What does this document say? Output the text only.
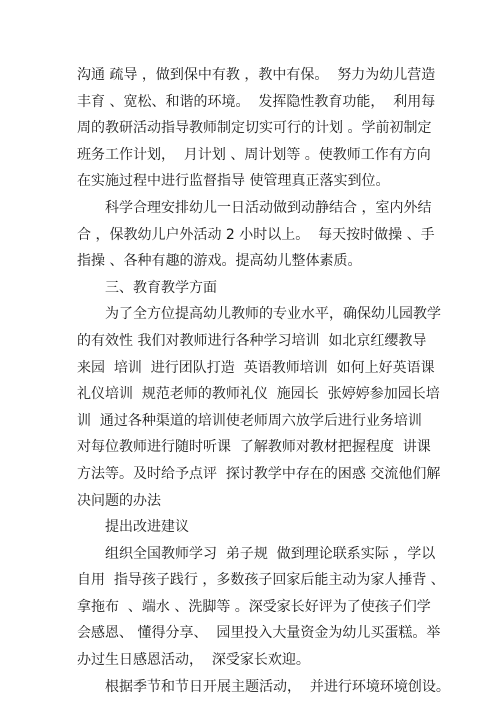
沟通 疏导 ，做到保中有教 ，教中有保。  努力为幼儿营造
丰育 、宽松、和谐的环境。  发挥隐性教育功能，  利用每
周的教研活动指导教师制定切实可行的计划 。学前初制定
班务工作计划，  月计划 、周计划等 。使教师工作有方向
在实施过程中进行监督指导 使管理真正落实到位。
科学合理安排幼儿一日活动做到动静结合 ，室内外结
合 ，保教幼儿户外活动 2 小时以上。  每天按时做操 、手
指操 、各种有趣的游戏。提高幼儿整体素质。
三、教育教学方面
为了全方位提高幼儿教师的专业水平，确保幼儿园教学
的有效性 我们对教师进行各种学习培训  如北京红缨教导
来园  培训  进行团队打造  英语教师培训  如何上好英语课
礼仪培训  规范老师的教师礼仪  施园长  张婷婷参加园长培
训  通过各种渠道的培训使老师周六放学后进行业务培训
对每位教师进行随时听课  了解教师对教材把握程度  讲课
方法等。及时给予点评  探讨教学中存在的困惑 交流他们解
决问题的办法
提出改进建议
组织全国教师学习  弟子规  做到理论联系实际 ，学以
自用  指导孩子践行 ，多数孩子回家后能主动为家人捶背 、
拿拖布  、端水 、洗脚等 。深受家长好评为了使孩子们学
会感恩、 懂得分享、  园里投入大量资金为幼儿买蛋糕。举
办过生日感恩活动，  深受家长欢迎。
根据季节和节日开展主题活动，  并进行环境环境创设。
